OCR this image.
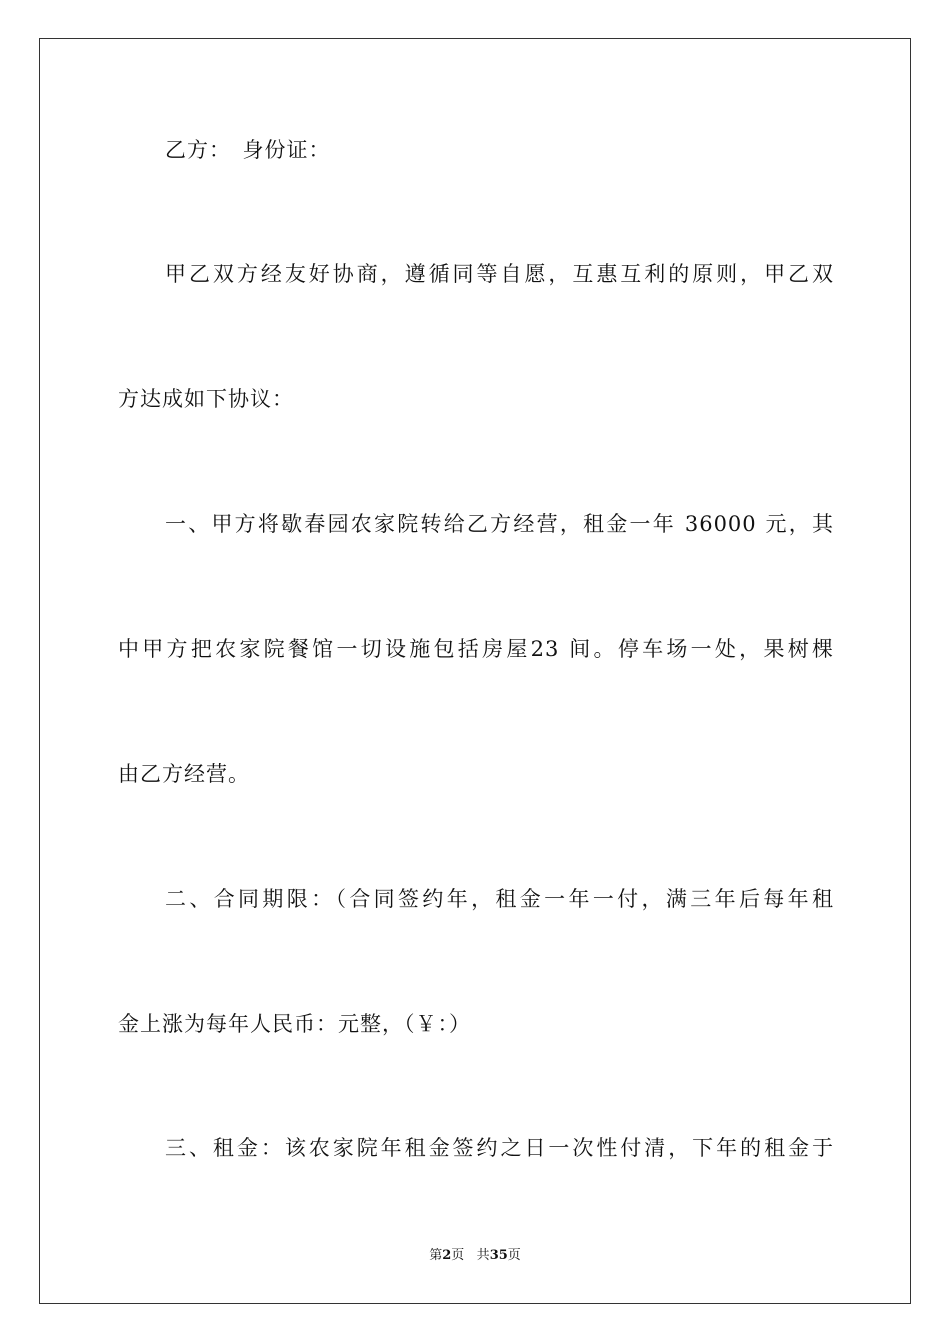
乙方：　身份证：
甲乙双方经友好协商，遵循同等自愿，互惠互利的原则，甲乙双
方达成如下协议：
一、甲方将歇春园农家院转给乙方经营，租金一年 36000 元，其
中甲方把农家院餐馆一切设施包括房屋23 间。停车场一处，果树棵
由乙方经营。
二、合同期限：（合同签约年，租金一年一付，满三年后每年租
金上涨为每年人民币：元整，（￥：）
三、租金：该农家院年租金签约之日一次性付清，下年的租金于
第2页 共35页
